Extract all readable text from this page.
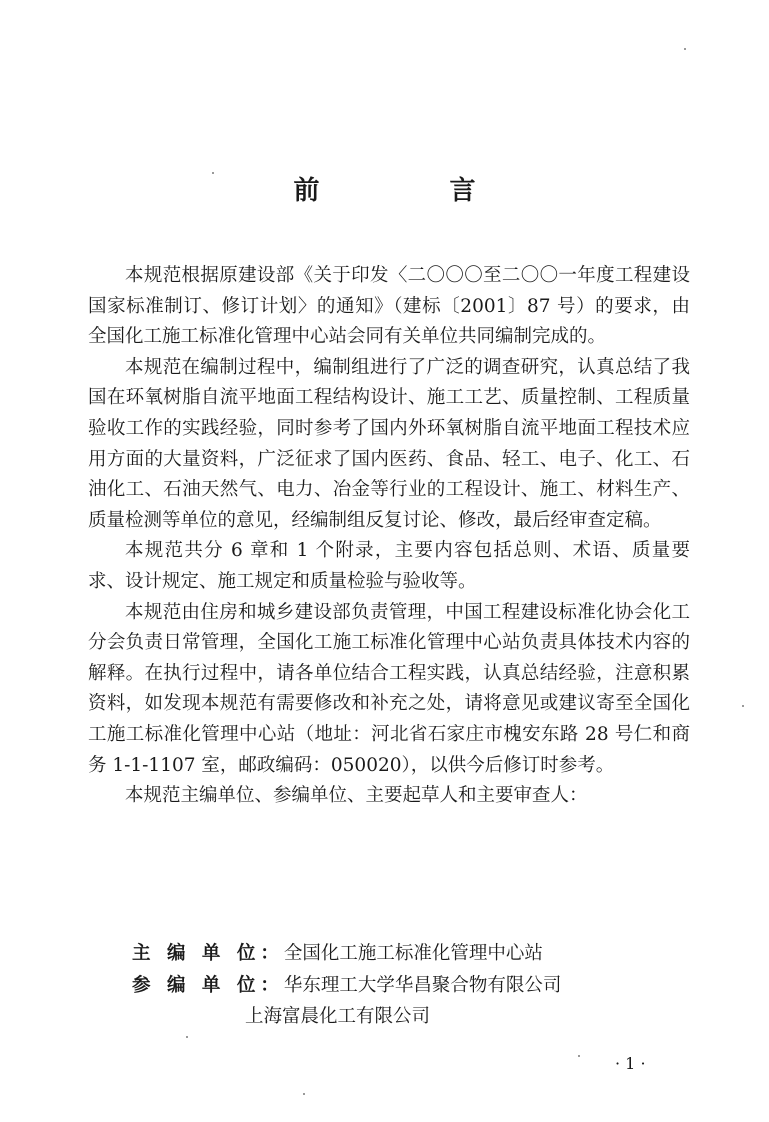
前　言

本规范根据原建设部《关于印发〈二〇〇〇至二〇〇一年度工程建设国家标准制订、修订计划〉的通知》（建标〔2001〕87 号）的要求，由全国化工施工标准化管理中心站会同有关单位共同编制完成的。

本规范在编制过程中，编制组进行了广泛的调查研究，认真总结了我国在环氧树脂自流平地面工程结构设计、施工工艺、质量控制、工程质量验收工作的实践经验，同时参考了国内外环氧树脂自流平地面工程技术应用方面的大量资料，广泛征求了国内医药、食品、轻工、电子、化工、石油化工、石油天然气、电力、冶金等行业的工程设计、施工、材料生产、质量检测等单位的意见，经编制组反复讨论、修改，最后经审查定稿。

本规范共分 6 章和 1 个附录，主要内容包括总则、术语、质量要求、设计规定、施工规定和质量检验与验收等。

本规范由住房和城乡建设部负责管理，中国工程建设标准化协会化工分会负责日常管理，全国化工施工标准化管理中心站负责具体技术内容的解释。在执行过程中，请各单位结合工程实践，认真总结经验，注意积累资料，如发现本规范有需要修改和补充之处，请将意见或建议寄至全国化工施工标准化管理中心站（地址：河北省石家庄市槐安东路 28 号仁和商务 1-1-1107 室，邮政编码：050020），以供今后修订时参考。

本规范主编单位、参编单位、主要起草人和主要审查人：

主 编 单 位： 全国化工施工标准化管理中心站
参 编 单 位： 华东理工大学华昌聚合物有限公司
上海富晨化工有限公司
· 1 ·
